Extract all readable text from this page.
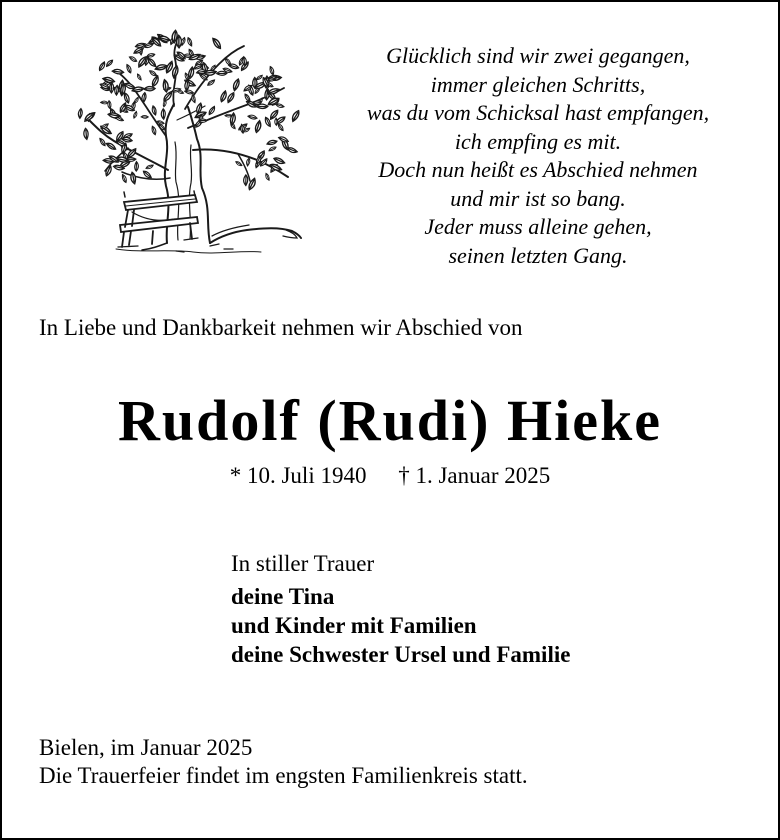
Glücklich sind wir zwei gegangen,
immer gleichen Schritts,
was du vom Schicksal hast empfangen,
ich empfing es mit.
Doch nun heißt es Abschied nehmen
und mir ist so bang.
Jeder muss alleine gehen,
seinen letzten Gang.
In Liebe und Dankbarkeit nehmen wir Abschied von
Rudolf (Rudi) Hieke
* 10. Juli 1940 † 1. Januar 2025
In stiller Trauer
deine Tina
und Kinder mit Familien
deine Schwester Ursel und Familie
Bielen, im Januar 2025
Die Trauerfeier findet im engsten Familienkreis statt.
